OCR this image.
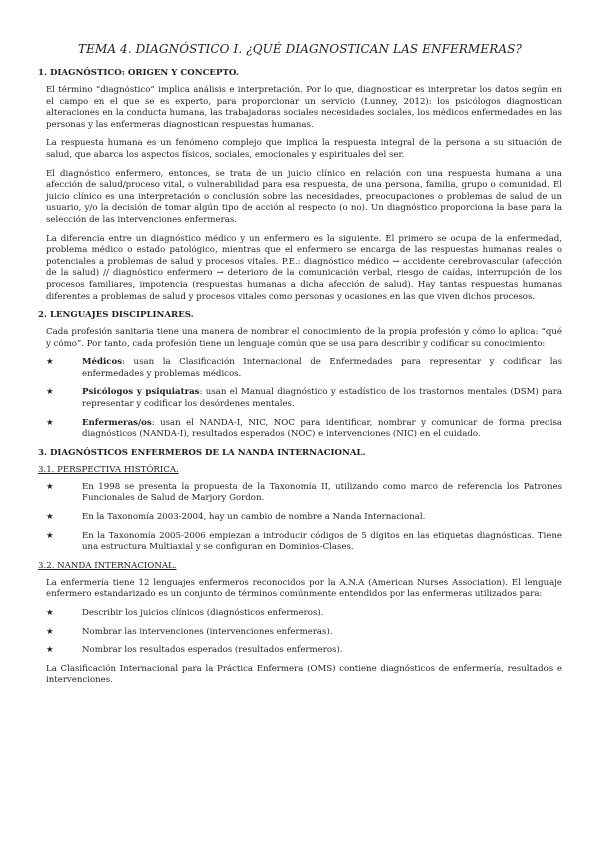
TEMA 4. DIAGNÓSTICO I. ¿QUÉ DIAGNOSTICAN LAS ENFERMERAS?
1. DIAGNÓSTICO: ORIGEN Y CONCEPTO.

El término “diagnóstico” implica análisis e interpretación. Por lo que, diagnosticar es interpretar los datos según en el campo en el que se es experto, para proporcionar un servicio (Lunney, 2012): los psicólogos diagnostican alteraciones en la conducta humana, las trabajadoras sociales necesidades sociales, los médicos enfermedades en las personas y las enfermeras diagnostican respuestas humanas.

La respuesta humana es un fenómeno complejo que implica la respuesta integral de la persona a su situación de salud, que abarca los aspectos físicos, sociales, emocionales y espirituales del ser.

El diagnóstico enfermero, entonces, se trata de un juicio clínico en relación con una respuesta humana a una afección de salud/proceso vital, o vulnerabilidad para esa respuesta, de una persona, familia, grupo o comunidad. El juicio clínico es una interpretación o conclusión sobre las necesidades, preocupaciones o problemas de salud de un usuario, y/o la decisión de tomar algún tipo de acción al respecto (o no). Un diagnóstico proporciona la base para la selección de las intervenciones enfermeras.

La diferencia entre un diagnóstico médico y un enfermero es la siguiente. El primero se ocupa de la enfermedad, problema médico o estado patológico, mientras que el enfermero se encarga de las respuestas humanas reales o potenciales a problemas de salud y procesos vitales. P.E.: diagnóstico médico → accidente cerebrovascular (afección de la salud) // diagnóstico enfermero → deterioro de la comunicación verbal, riesgo de caídas, interrupción de los procesos familiares, impotencia (respuestas humanas a dicha afección de salud). Hay tantas respuestas humanas diferentes a problemas de salud y procesos vitales como personas y ocasiones en las que viven dichos procesos.

2. LENGUAJES DISCIPLINARES.

Cada profesión sanitaria tiene una manera de nombrar el conocimiento de la propia profesión y cómo lo aplica: “qué y cómo”. Por tanto, cada profesión tiene un lenguaje común que se usa para describir y codificar su conocimiento:

★	Médicos: usan la Clasificación Internacional de Enfermedades para representar y codificar las enfermedades y problemas médicos.
★	Psicólogos y psiquiatras: usan el Manual diagnóstico y estadístico de los trastornos mentales (DSM) para representar y codificar los desórdenes mentales.
★	Enfermeras/os: usan el NANDA-I, NIC, NOC para identificar, nombrar y comunicar de forma precisa diagnósticos (NANDA-I), resultados esperados (NOC) e intervenciones (NIC) en el cuidado.
3. DIAGNÓSTICOS ENFERMEROS DE LA NANDA INTERNACIONAL.
3.1. PERSPECTIVA HISTÓRICA.
★	En 1998 se presenta la propuesta de la Taxonomía II, utilizando como marco de referencia los Patrones Funcionales de Salud de Marjory Gordon.
★	En la Taxonomía 2003-2004, hay un cambio de nombre a Nanda Internacional.
★	En la Taxonomía 2005-2006 empiezan a introducir códigos de 5 dígitos en las etiquetas diagnósticas. Tiene una estructura Multiaxial y se configuran en Dominios-Clases.
3.2. NANDA INTERNACIONAL.

La enfermería tiene 12 lenguajes enfermeros reconocidos por la A.N.A (American Nurses Association). El lenguaje enfermero estandarizado es un conjunto de términos comúnmente entendidos por las enfermeras utilizados para:

★	Describir los juicios clínicos (diagnósticos enfermeros).
★	Nombrar las intervenciones (intervenciones enfermeras).
★	Nombrar los resultados esperados (resultados enfermeros).

La Clasificación Internacional para la Práctica Enfermera (OMS) contiene diagnósticos de enfermería, resultados e intervenciones.
